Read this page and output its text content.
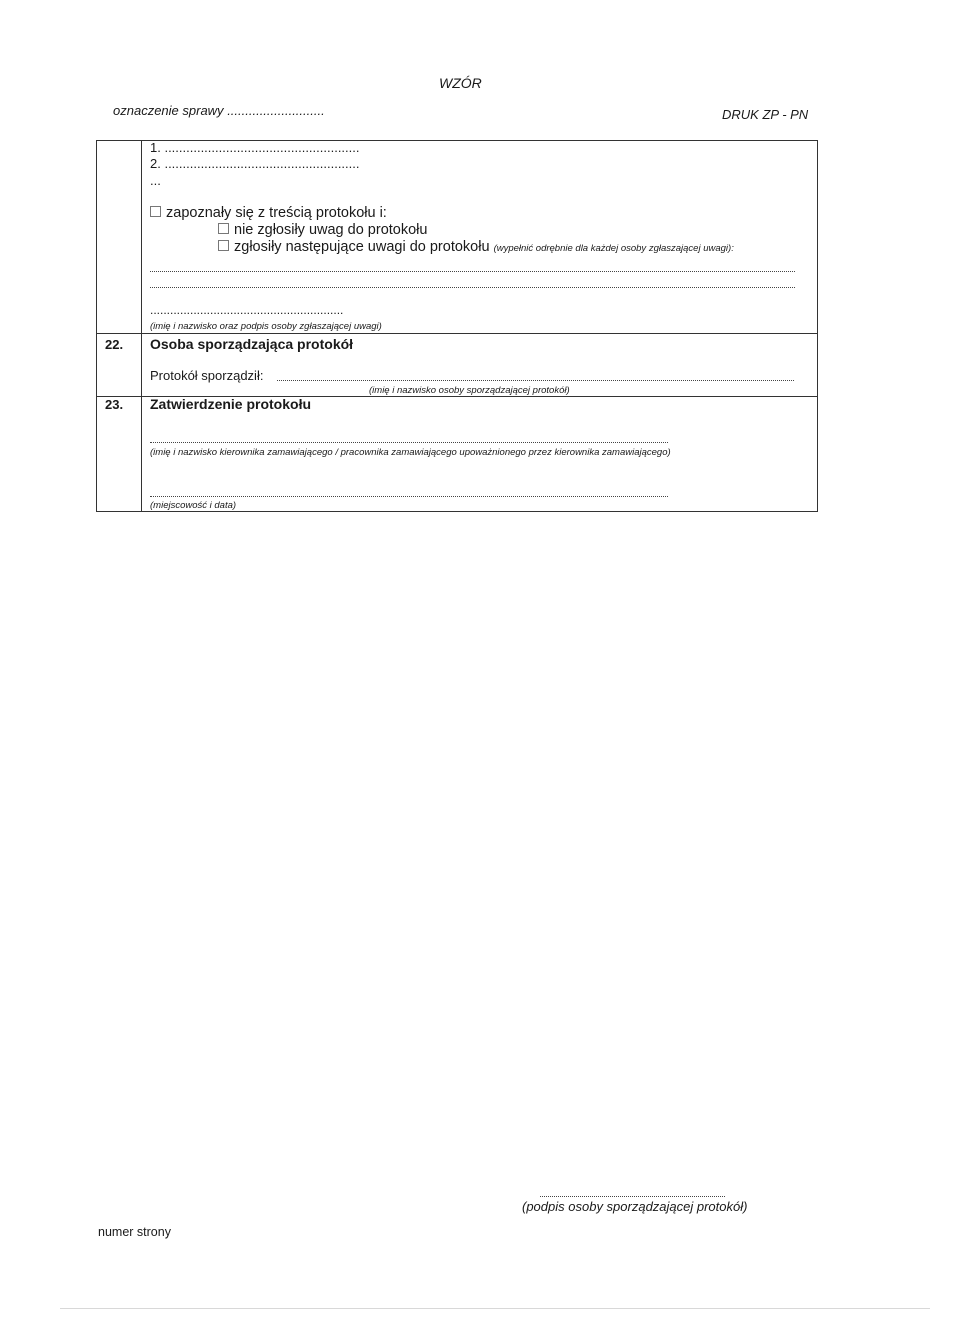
WZÓR
oznaczenie sprawy ...........................	DRUK ZP - PN
1. ......................................................
2. ......................................................
...
zapoznały się z treścią protokołu i:
nie zgłosiły uwag do protokołu
zgłosiły następujące uwagi do protokołu (wypełnić odrębnie dla każdej osoby zgłaszającej uwagi):
..........................................................
(imię i nazwisko oraz podpis osoby zgłaszającej uwagi)
22. Osoba sporządzająca protokół
Protokół sporządził:
(imię i nazwisko osoby sporządzającej protokół)
23. Zatwierdzenie protokołu
(imię i nazwisko kierownika zamawiającego / pracownika zamawiającego upoważnionego przez kierownika zamawiającego)
(miejscowość i data)
(podpis osoby sporządzającej protokół)
numer strony
